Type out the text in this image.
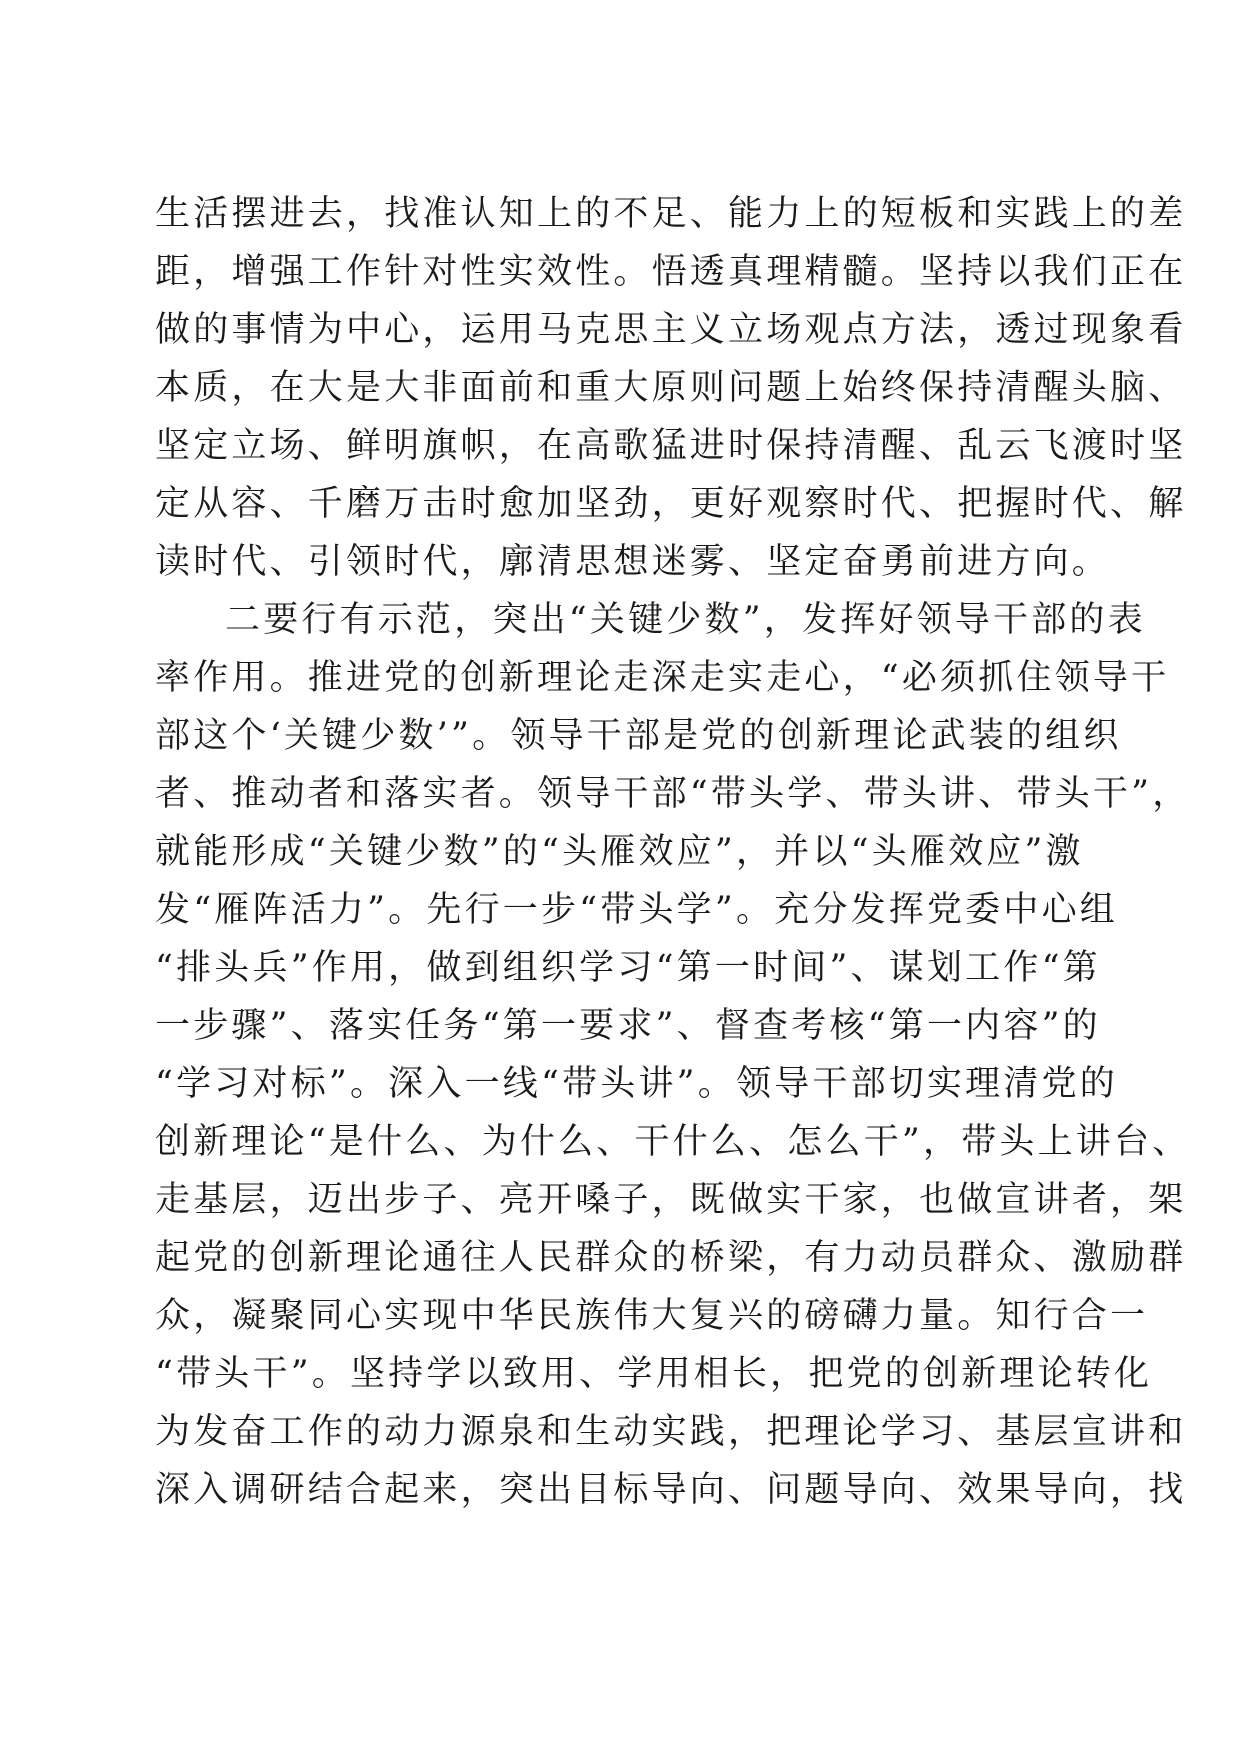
生活摆进去，找准认知上的不足、能力上的短板和实践上的差
距，增强工作针对性实效性。悟透真理精髓。坚持以我们正在
做的事情为中心，运用马克思主义立场观点方法，透过现象看
本质，在大是大非面前和重大原则问题上始终保持清醒头脑、
坚定立场、鲜明旗帜，在高歌猛进时保持清醒、乱云飞渡时坚
定从容、千磨万击时愈加坚劲，更好观察时代、把握时代、解
读时代、引领时代，廓清思想迷雾、坚定奋勇前进方向。
二要行有示范，突出“关键少数”，发挥好领导干部的表
率作用。推进党的创新理论走深走实走心，“必须抓住领导干
部这个‘关键少数’”。领导干部是党的创新理论武装的组织
者、推动者和落实者。领导干部“带头学、带头讲、带头干”，
就能形成“关键少数”的“头雁效应”，并以“头雁效应”激
发“雁阵活力”。先行一步“带头学”。充分发挥党委中心组
“排头兵”作用，做到组织学习“第一时间”、谋划工作“第
一步骤”、落实任务“第一要求”、督查考核“第一内容”的
“学习对标”。深入一线“带头讲”。领导干部切实理清党的
创新理论“是什么、为什么、干什么、怎么干”，带头上讲台、
走基层，迈出步子、亮开嗓子，既做实干家，也做宣讲者，架
起党的创新理论通往人民群众的桥梁，有力动员群众、激励群
众，凝聚同心实现中华民族伟大复兴的磅礴力量。知行合一
“带头干”。坚持学以致用、学用相长，把党的创新理论转化
为发奋工作的动力源泉和生动实践，把理论学习、基层宣讲和
深入调研结合起来，突出目标导向、问题导向、效果导向，找
